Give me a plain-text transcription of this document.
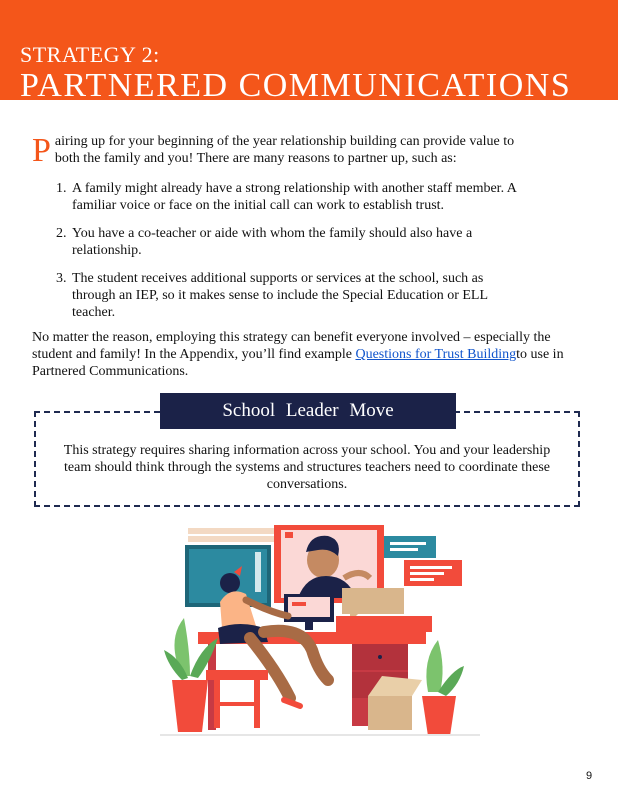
STRATEGY 2:
PARTNERED COMMUNICATIONS
P airing up for your beginning of the year relationship building can provide value to both the family and you! There are many reasons to partner up, such as:
1. A family might already have a strong relationship with another staff member. A familiar voice or face on the initial call can work to establish trust.
2. You have a co-teacher or aide with whom the family should also have a relationship.
3. The student receives additional supports or services at the school, such as through an IEP, so it makes sense to include the Special Education or ELL teacher.
No matter the reason, employing this strategy can benefit everyone involved – especially the student and family! In the Appendix, you’ll find example Questions for Trust Buildingto use in Partnered Communications.
School Leader Move
This strategy requires sharing information across your school. You and your leadership team should think through the systems and structures teachers need to coordinate these conversations.
9
